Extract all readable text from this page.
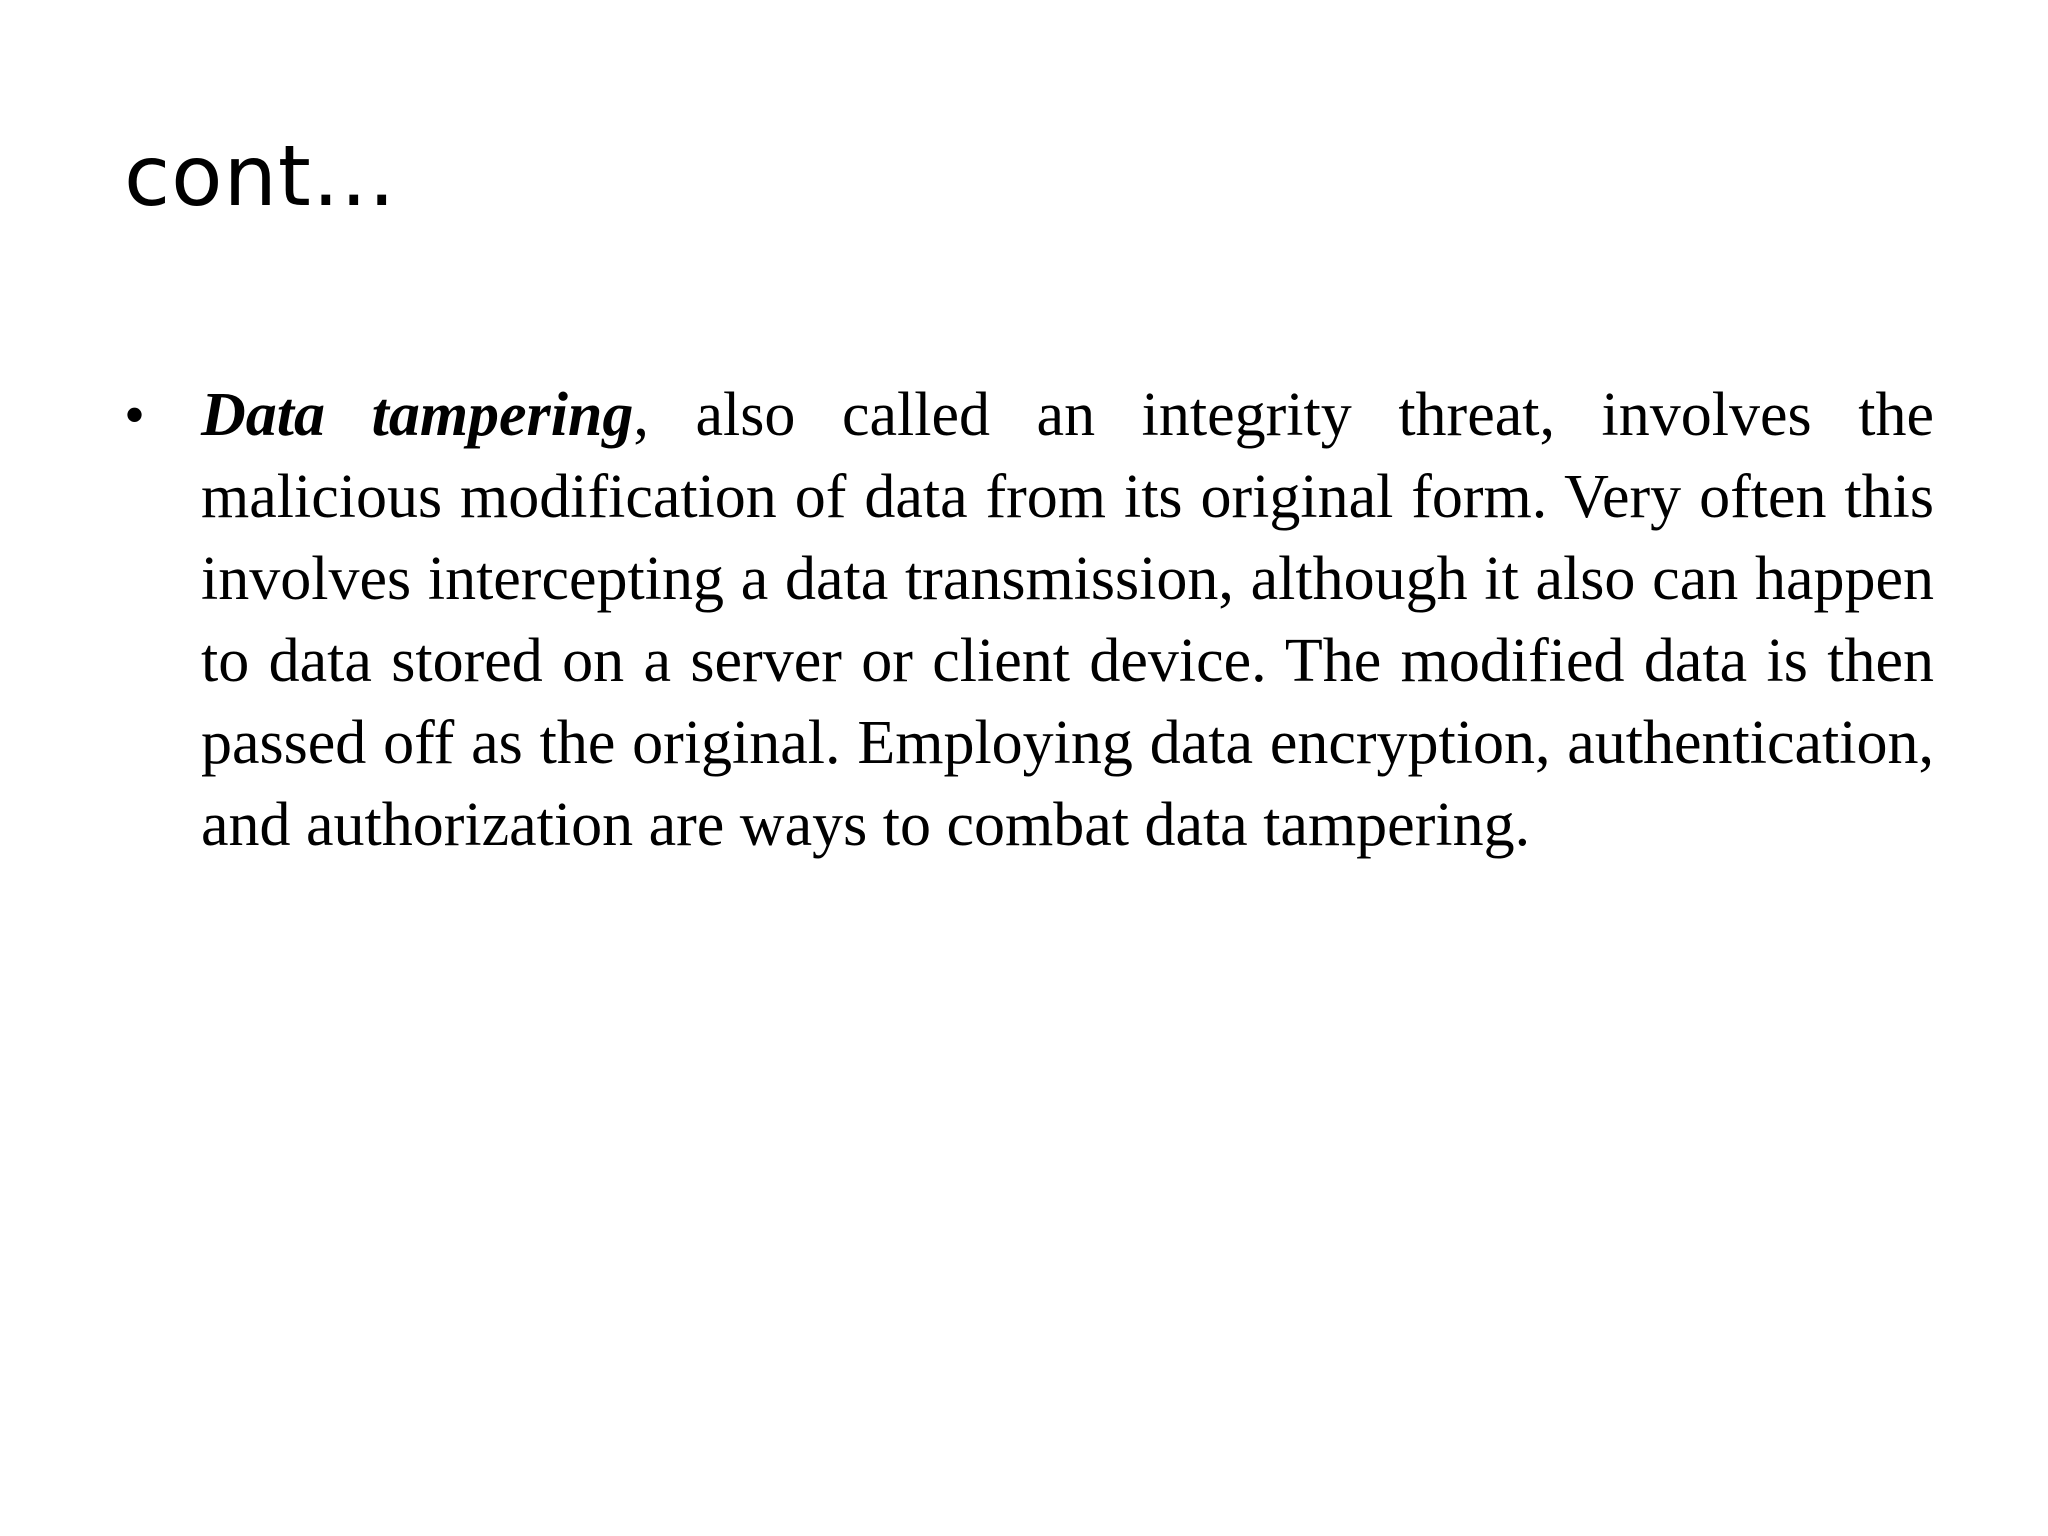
cont…
• Data tampering, also called an integrity threat, involves the malicious modification of data from its original form. Very often this involves intercepting a data transmission, although it also can happen to data stored on a server or client device. The modified data is then passed off as the original. Employing data encryption, authentication, and authorization are ways to combat data tampering.
